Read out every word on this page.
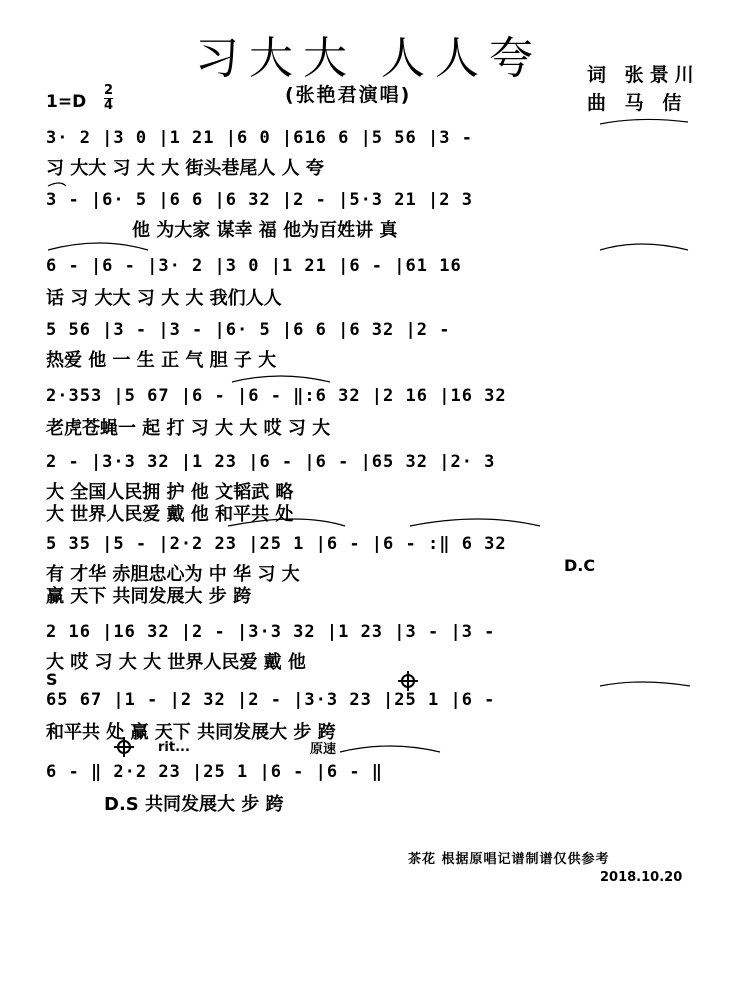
习大大 人人夸
(张艳君演唱)
词 张景川
曲 马 佶
1=D
2
4
3· 2 |3 0 |1 21 |6 0 |616 6 |5 56 |3 -
习 大大 习 大 大 街头巷尾人 人 夸
3 - |6· 5 |6 6 |6 32 |2 - |5·3 21 |2 3
他 为大家 谋幸 福 他为百姓讲 真
6 - |6 - |3· 2 |3 0 |1 21 |6 - |61 16
话 习 大大 习 大 大 我们人人
5 56 |3 - |3 - |6· 5 |6 6 |6 32 |2 -
热爱 他 一 生 正 气 胆 子 大
2·353 |5 67 |6 - |6 - ‖:6 32 |2 16 |16 32
老虎苍蝇一 起 打 习 大 大 哎 习 大
2 - |3·3 32 |1 23 |6 - |6 - |65 32 |2· 3
大 全国人民拥 护 他 文韬武 略
大 世界人民爱 戴 他 和平共 处
5 35 |5 - |2·2 23 |25 1 |6 - |6 - :‖ 6 32
有 才华 赤胆忠心为 中 华 习 大
赢 天下 共同发展大 步 跨
2 16 |16 32 |2 - |3·3 32 |1 23 |3 - |3 -
大 哎 习 大 大 世界人民爱 戴 他
65 67 |1 - |2 32 |2 - |3·3 23 |25 1 |6 -
和平共 处 赢 天下 共同发展大 步 跨
6 - ‖ 2·2 23 |25 1 |6 - |6 - ‖
D.S 共同发展大 步 跨
D.C
S
rit...	原速
茶花 根据原唱记谱制谱仅供参考
2018.10.20
